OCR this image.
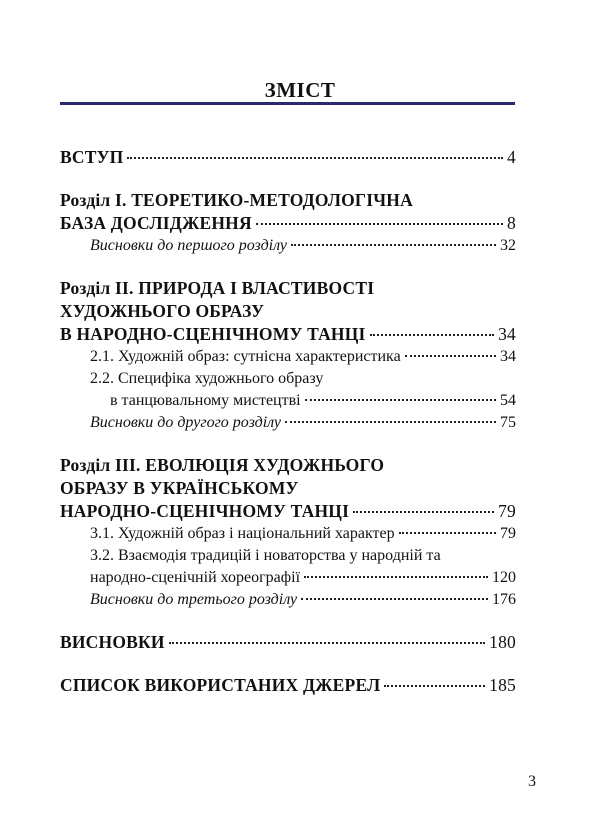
ЗМІСТ
ВСТУП	4
Розділ І. ТЕОРЕТИКО-МЕТОДОЛОГІЧНА
БАЗА ДОСЛІДЖЕННЯ	8
Висновки до першого розділу	32
Розділ ІІ. ПРИРОДА І ВЛАСТИВОСТІ
ХУДОЖНЬОГО ОБРАЗУ
В НАРОДНО-СЦЕНІЧНОМУ ТАНЦІ	34
2.1. Художній образ: сутнісна характеристика	34
2.2. Специфіка художнього образу
в танцювальному мистецтві	54
Висновки до другого розділу	75
Розділ ІІІ. ЕВОЛЮЦІЯ ХУДОЖНЬОГО
ОБРАЗУ В УКРАЇНСЬКОМУ
НАРОДНО-СЦЕНІЧНОМУ ТАНЦІ	79
3.1. Художній образ і національний характер	79
3.2. Взаємодія традицій і новаторства у народній та
народно-сценічній хореографії	120
Висновки до третього розділу	176
ВИСНОВКИ	180
СПИСОК ВИКОРИСТАНИХ ДЖЕРЕЛ	185
3
